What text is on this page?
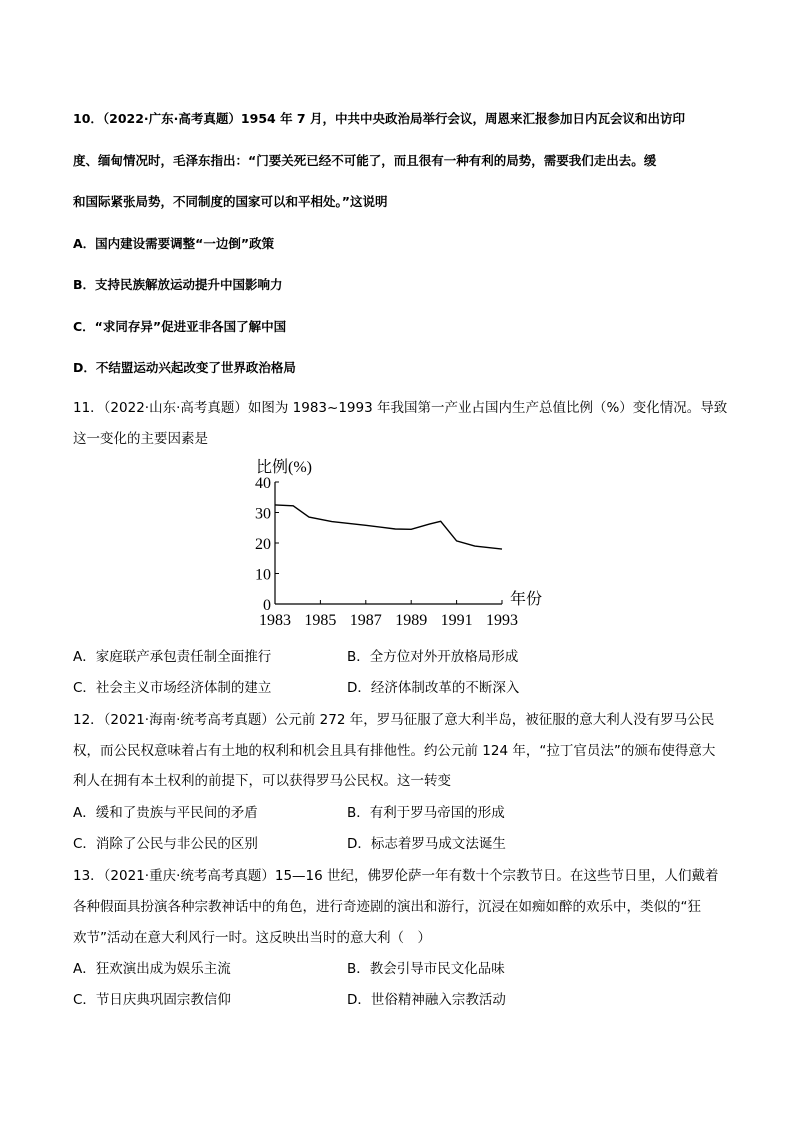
10．（2022·广东·高考真题）1954 年 7 月，中共中央政治局举行会议，周恩来汇报参加日内瓦会议和出访印
度、缅甸情况时，毛泽东指出：“门要关死已经不可能了，而且很有一种有利的局势，需要我们走出去。缓
和国际紧张局势，不同制度的国家可以和平相处。”这说明
A．国内建设需要调整“一边倒”政策
B．支持民族解放运动提升中国影响力
C．“求同存异”促进亚非各国了解中国
D．不结盟运动兴起改变了世界政治格局
11．（2022·山东·高考真题）如图为 1983~1993 年我国第一产业占国内生产总值比例（%）变化情况。导致
这一变化的主要因素是
比例(%)
0
10
20
30
40
1983 1985 1987 1989 1991 1993
年份
A．家庭联产承包责任制全面推行	B．全方位对外开放格局形成
C．社会主义市场经济体制的建立	D．经济体制改革的不断深入
12．（2021·海南·统考高考真题）公元前 272 年，罗马征服了意大利半岛，被征服的意大利人没有罗马公民
权，而公民权意味着占有土地的权利和机会且具有排他性。约公元前 124 年，“拉丁官员法”的颁布使得意大
利人在拥有本土权利的前提下，可以获得罗马公民权。这一转变
A．缓和了贵族与平民间的矛盾	B．有利于罗马帝国的形成
C．消除了公民与非公民的区别	D．标志着罗马成文法诞生
13．（2021·重庆·统考高考真题）15—16 世纪，佛罗伦萨一年有数十个宗教节日。在这些节日里，人们戴着
各种假面具扮演各种宗教神话中的角色，进行奇迹剧的演出和游行，沉浸在如痴如醉的欢乐中，类似的“狂
欢节”活动在意大利风行一时。这反映出当时的意大利（　）
A．狂欢演出成为娱乐主流	B．教会引导市民文化品味
C．节日庆典巩固宗教信仰	D．世俗精神融入宗教活动
